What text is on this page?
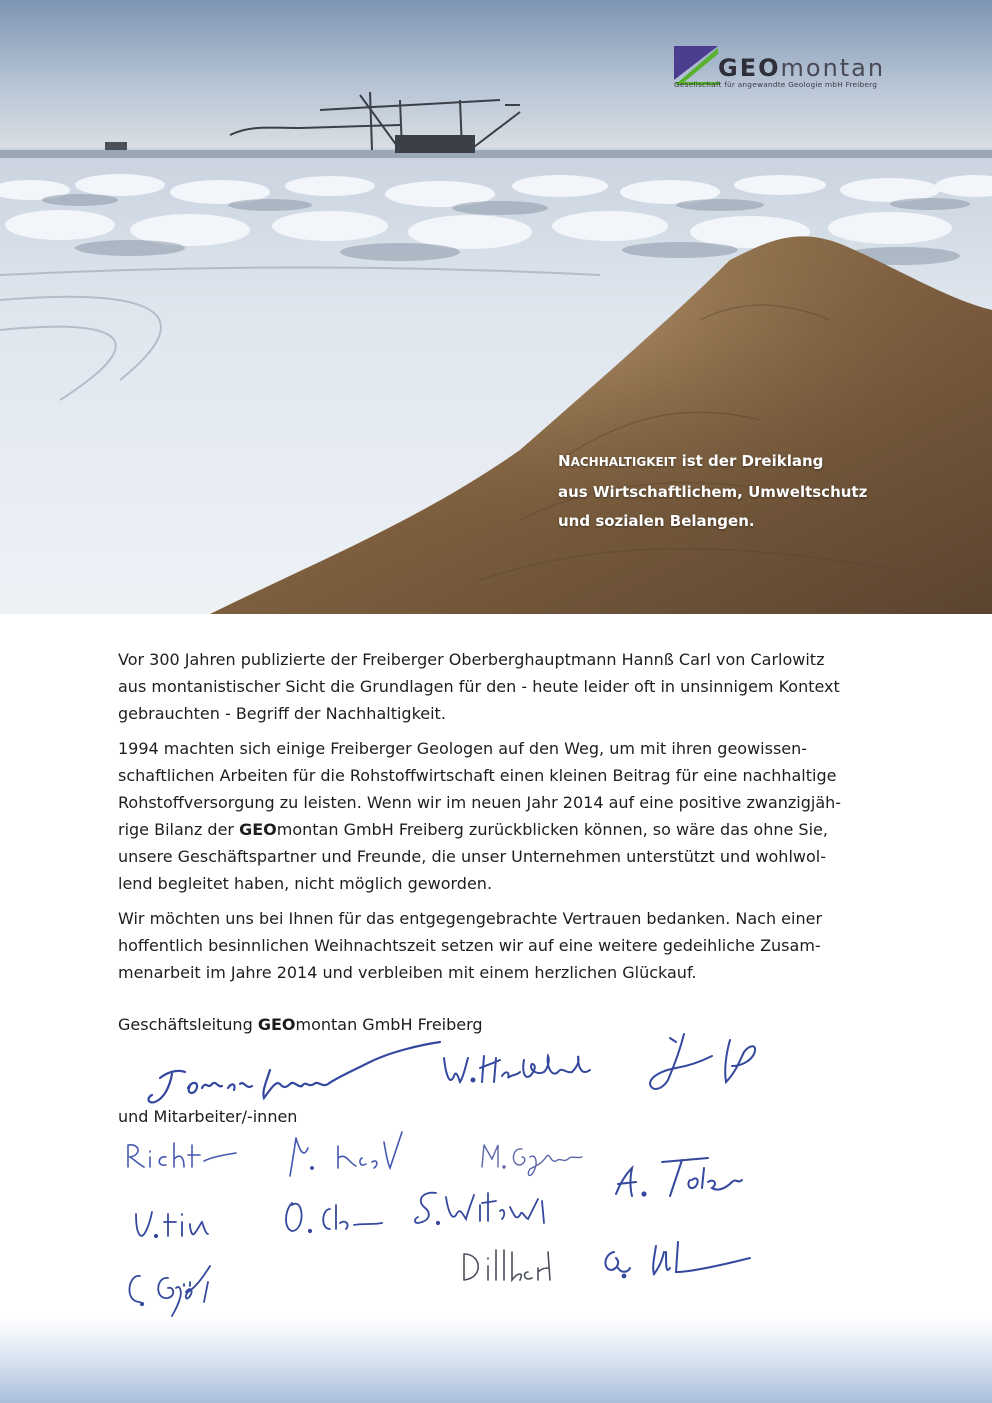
GEOmontan
Gesellschaft für angewandte Geologie mbH Freiberg
NACHHALTIGKEIT ist der Dreiklang
aus Wirtschaftlichem, Umweltschutz
und sozialen Belangen.

Vor 300 Jahren publizierte der Freiberger Oberberghauptmann Hannß Carl von Carlowitz
aus montanistischer Sicht die Grundlagen für den - heute leider oft in unsinnigem Kontext
gebrauchten - Begriff der Nachhaltigkeit.

1994 machten sich einige Freiberger Geologen auf den Weg, um mit ihren geowissen-
schaftlichen Arbeiten für die Rohstoffwirtschaft einen kleinen Beitrag für eine nachhaltige
Rohstoffversorgung zu leisten. Wenn wir im neuen Jahr 2014 auf eine positive zwanzigjäh-
rige Bilanz der GEOmontan GmbH Freiberg zurückblicken können, so wäre das ohne Sie,
unsere Geschäftspartner und Freunde, die unser Unternehmen unterstützt und wohlwol-
lend begleitet haben, nicht möglich geworden.

Wir möchten uns bei Ihnen für das entgegengebrachte Vertrauen bedanken. Nach einer
hoffentlich besinnlichen Weihnachtszeit setzen wir auf eine weitere gedeihliche Zusam-
menarbeit im Jahre 2014 und verbleiben mit einem herzlichen Glückauf.

Geschäftsleitung GEOmontan GmbH Freiberg
und Mitarbeiter/-innen
